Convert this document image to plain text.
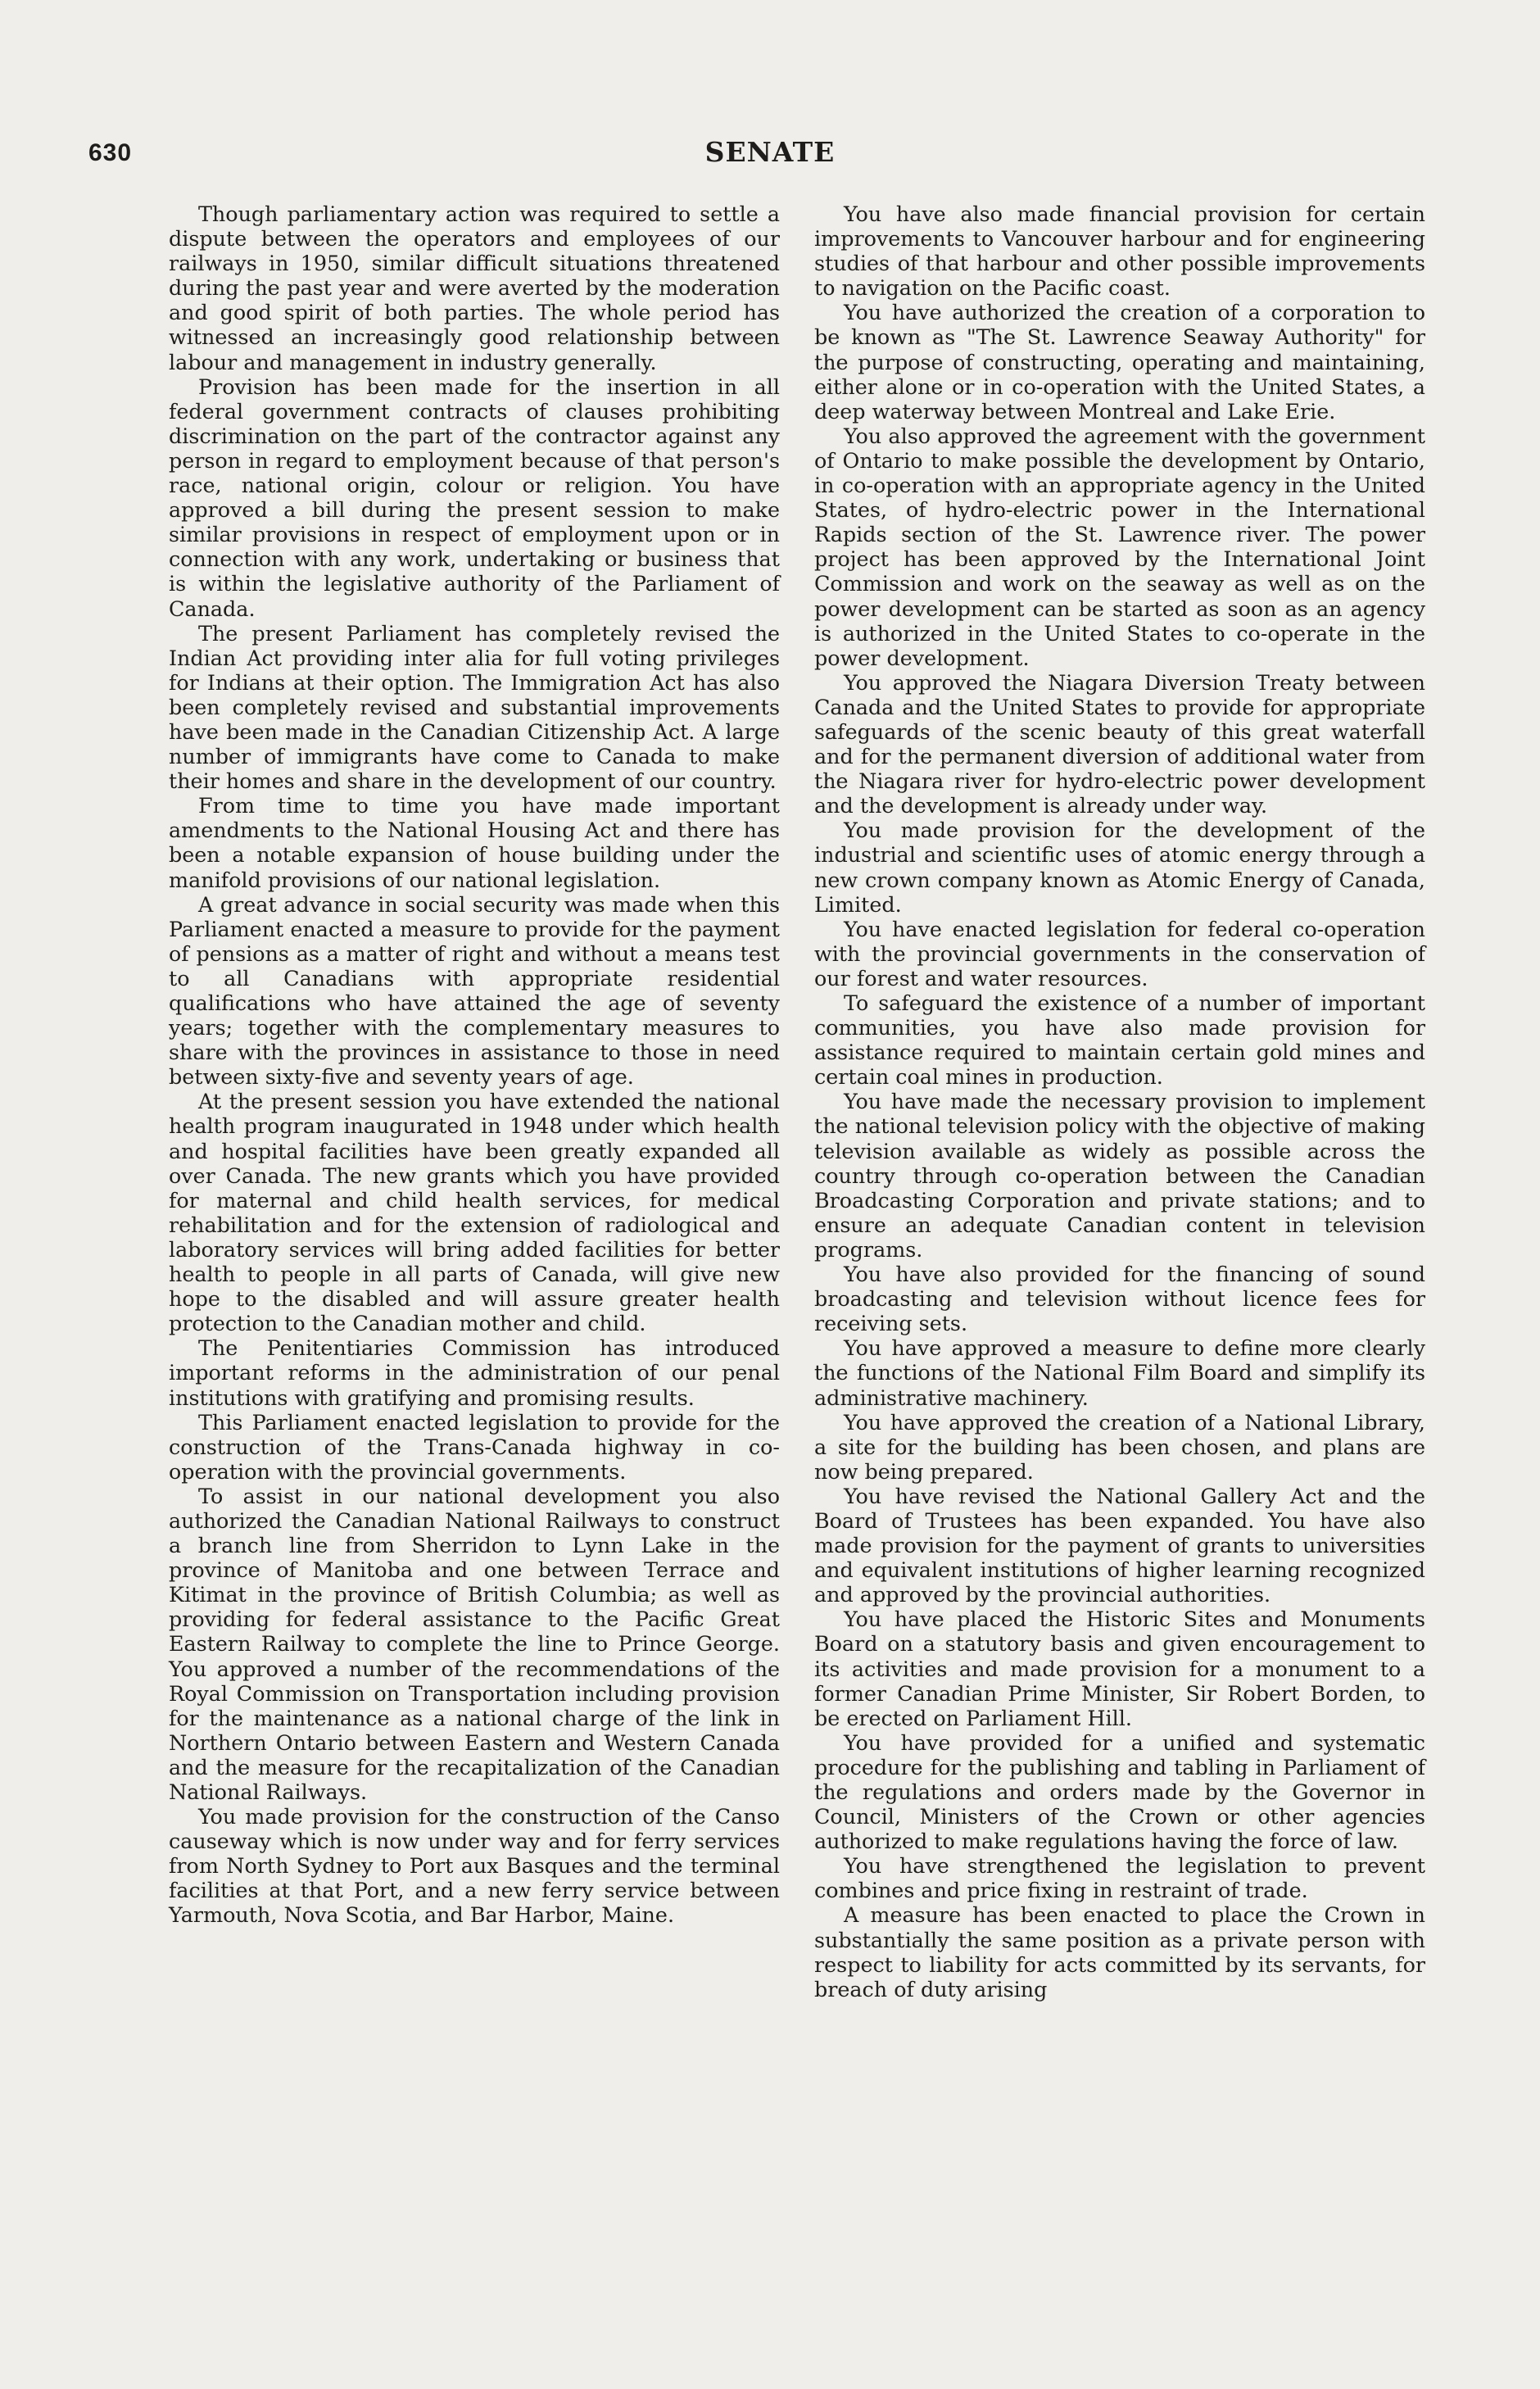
630	SENATE

Though parliamentary action was required to settle a dispute between the operators and employees of our railways in 1950, similar difficult situations threatened during the past year and were averted by the moderation and good spirit of both parties. The whole period has witnessed an increasingly good relationship between labour and management in industry generally.

Provision has been made for the insertion in all federal government contracts of clauses prohibiting discrimination on the part of the contractor against any person in regard to employment because of that person's race, national origin, colour or religion. You have approved a bill during the present session to make similar provisions in respect of employment upon or in connection with any work, undertaking or business that is within the legislative authority of the Parliament of Canada.

The present Parliament has completely revised the Indian Act providing inter alia for full voting privileges for Indians at their option. The Immigration Act has also been completely revised and substantial improvements have been made in the Canadian Citizenship Act. A large number of immigrants have come to Canada to make their homes and share in the development of our country.

From time to time you have made important amendments to the National Housing Act and there has been a notable expansion of house building under the manifold provisions of our national legislation.

A great advance in social security was made when this Parliament enacted a measure to provide for the payment of pensions as a matter of right and without a means test to all Canadians with appropriate residential qualifications who have attained the age of seventy years; together with the complementary measures to share with the provinces in assistance to those in need between sixty-five and seventy years of age.

At the present session you have extended the national health program inaugurated in 1948 under which health and hospital facilities have been greatly expanded all over Canada. The new grants which you have provided for maternal and child health services, for medical rehabilitation and for the extension of radiological and laboratory services will bring added facilities for better health to people in all parts of Canada, will give new hope to the disabled and will assure greater health protection to the Canadian mother and child.

The Penitentiaries Commission has introduced important reforms in the administration of our penal institutions with gratifying and promising results.

This Parliament enacted legislation to provide for the construction of the Trans-Canada highway in co-operation with the provincial governments.

To assist in our national development you also authorized the Canadian National Railways to construct a branch line from Sherridon to Lynn Lake in the province of Manitoba and one between Terrace and Kitimat in the province of British Columbia; as well as providing for federal assistance to the Pacific Great Eastern Railway to complete the line to Prince George. You approved a number of the recommendations of the Royal Commission on Transportation including provision for the maintenance as a national charge of the link in Northern Ontario between Eastern and Western Canada and the measure for the recapitalization of the Canadian National Railways.

You made provision for the construction of the Canso causeway which is now under way and for ferry services from North Sydney to Port aux Basques and the terminal facilities at that Port, and a new ferry service between Yarmouth, Nova Scotia, and Bar Harbor, Maine.

You have also made financial provision for certain improvements to Vancouver harbour and for engineering studies of that harbour and other possible improvements to navigation on the Pacific coast.

You have authorized the creation of a corporation to be known as "The St. Lawrence Seaway Authority" for the purpose of constructing, operating and maintaining, either alone or in co-operation with the United States, a deep waterway between Montreal and Lake Erie.

You also approved the agreement with the government of Ontario to make possible the development by Ontario, in co-operation with an appropriate agency in the United States, of hydro-electric power in the International Rapids section of the St. Lawrence river. The power project has been approved by the International Joint Commission and work on the seaway as well as on the power development can be started as soon as an agency is authorized in the United States to co-operate in the power development.

You approved the Niagara Diversion Treaty between Canada and the United States to provide for appropriate safeguards of the scenic beauty of this great waterfall and for the permanent diversion of additional water from the Niagara river for hydro-electric power development and the development is already under way.

You made provision for the development of the industrial and scientific uses of atomic energy through a new crown company known as Atomic Energy of Canada, Limited.

You have enacted legislation for federal co-operation with the provincial governments in the conservation of our forest and water resources.

To safeguard the existence of a number of important communities, you have also made provision for assistance required to maintain certain gold mines and certain coal mines in production.

You have made the necessary provision to implement the national television policy with the objective of making television available as widely as possible across the country through co-operation between the Canadian Broadcasting Corporation and private stations; and to ensure an adequate Canadian content in television programs.

You have also provided for the financing of sound broadcasting and television without licence fees for receiving sets.

You have approved a measure to define more clearly the functions of the National Film Board and simplify its administrative machinery.

You have approved the creation of a National Library, a site for the building has been chosen, and plans are now being prepared.

You have revised the National Gallery Act and the Board of Trustees has been expanded. You have also made provision for the payment of grants to universities and equivalent institutions of higher learning recognized and approved by the provincial authorities.

You have placed the Historic Sites and Monuments Board on a statutory basis and given encouragement to its activities and made provision for a monument to a former Canadian Prime Minister, Sir Robert Borden, to be erected on Parliament Hill.

You have provided for a unified and systematic procedure for the publishing and tabling in Parliament of the regulations and orders made by the Governor in Council, Ministers of the Crown or other agencies authorized to make regulations having the force of law.

You have strengthened the legislation to prevent combines and price fixing in restraint of trade.

A measure has been enacted to place the Crown in substantially the same position as a private person with respect to liability for acts committed by its servants, for breach of duty arising
